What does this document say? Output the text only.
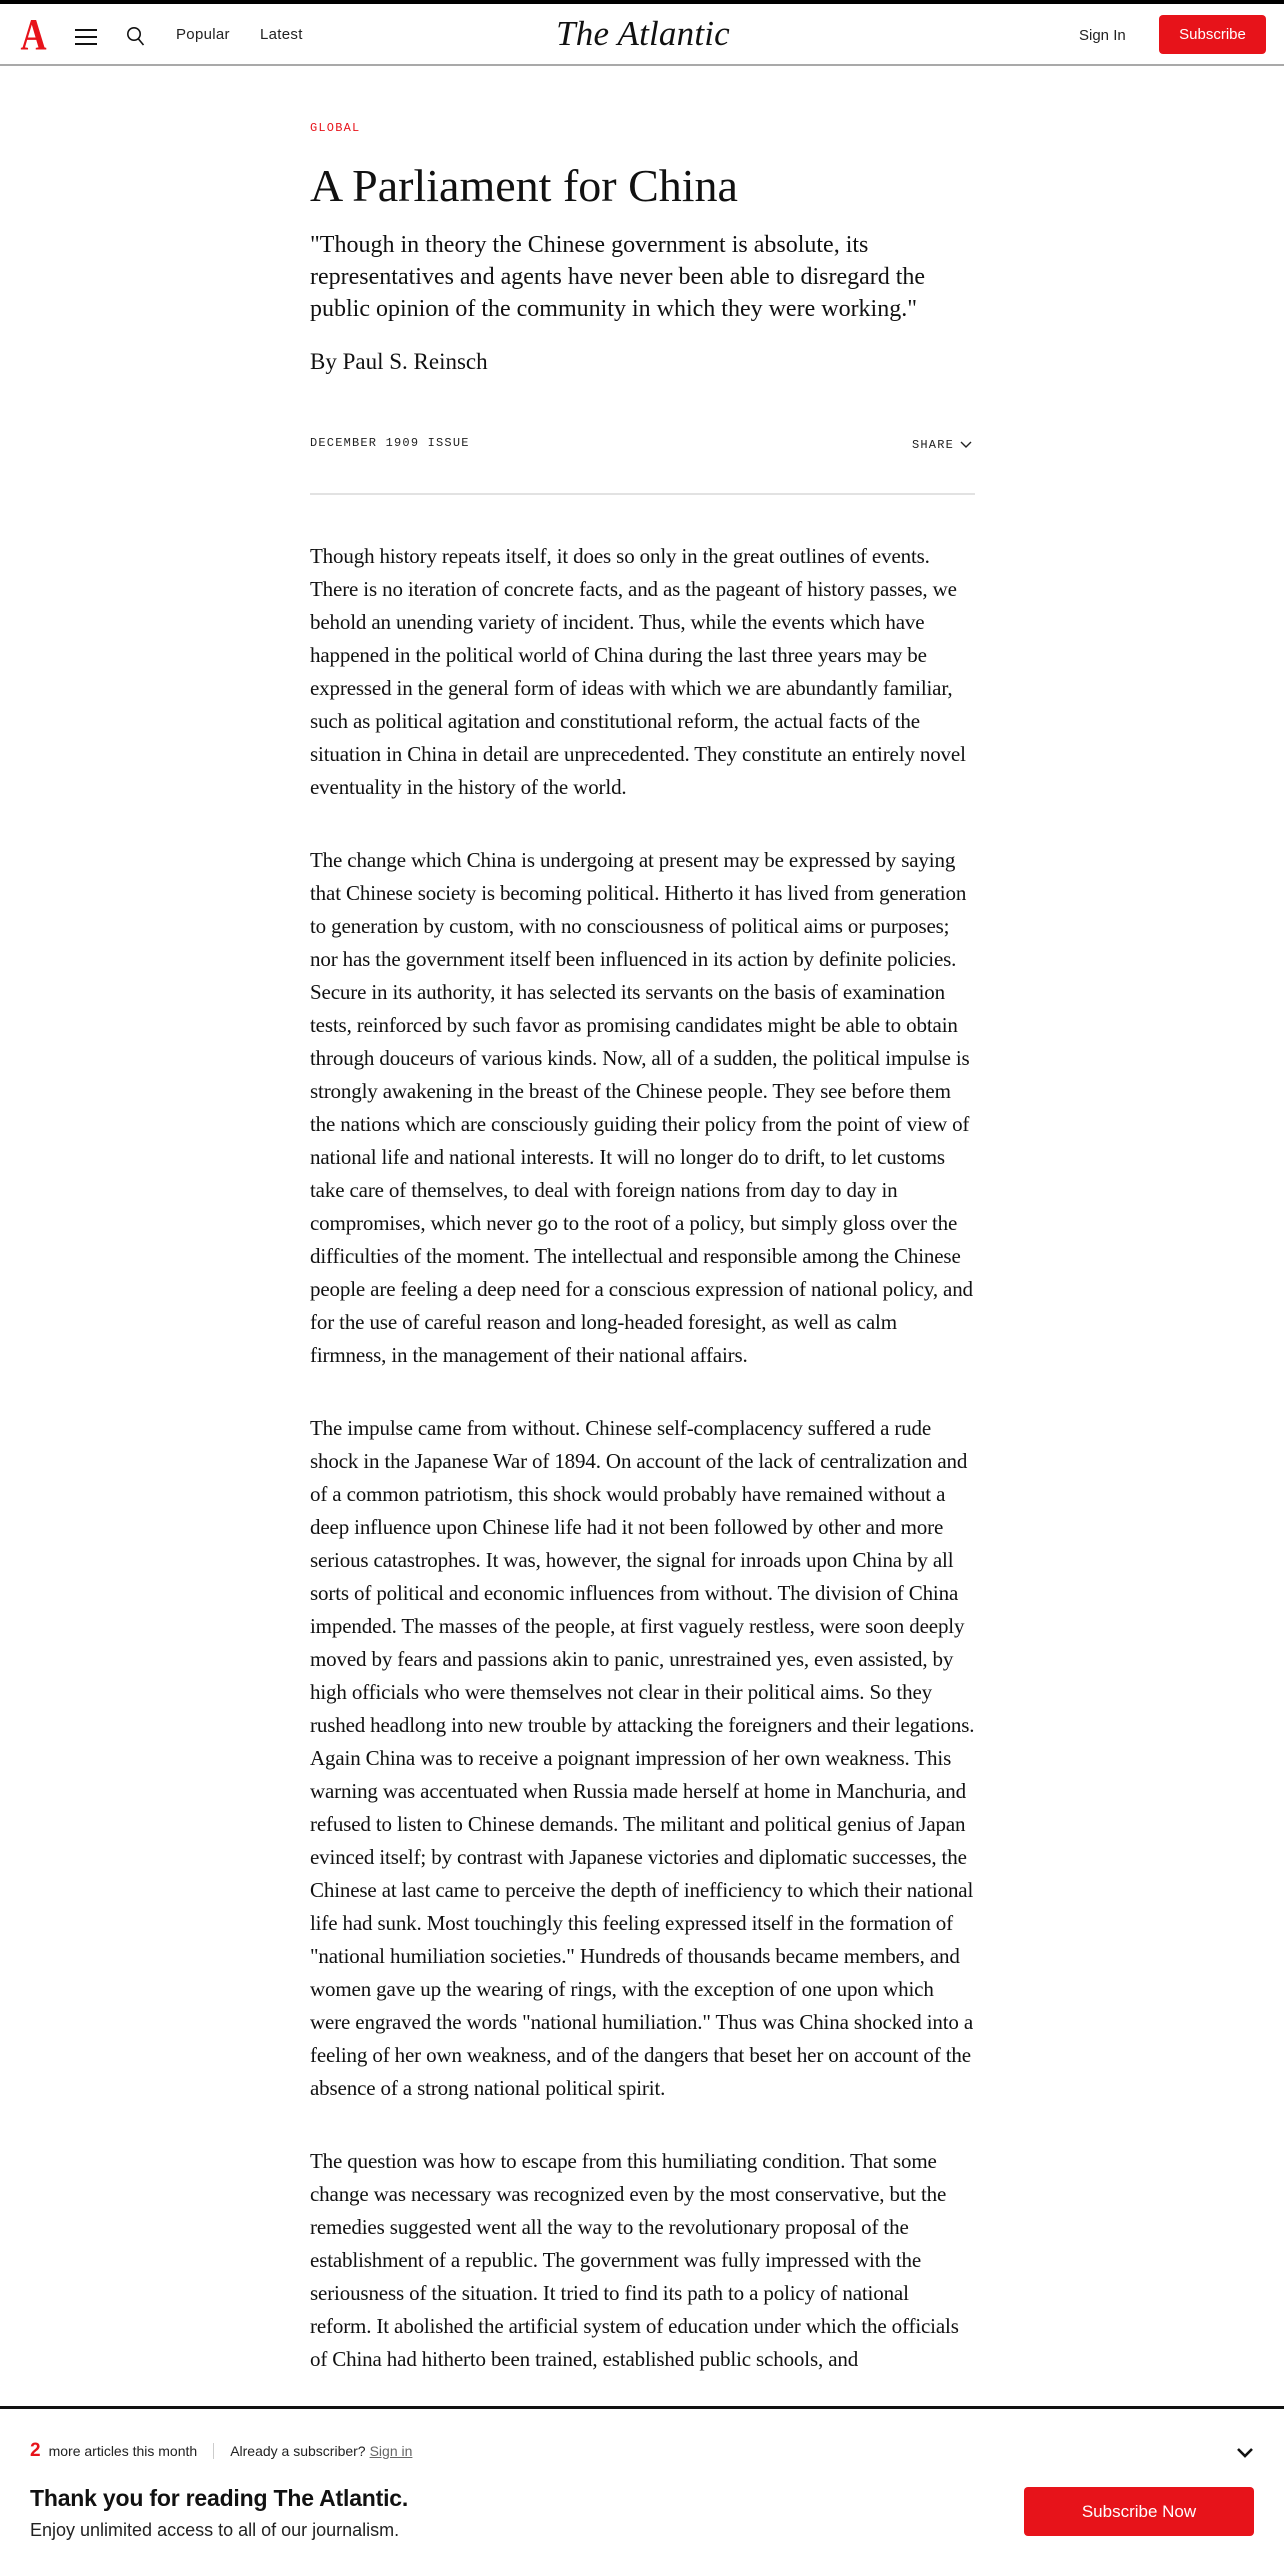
A	Popular Latest	The Atlantic	Sign In	Subscribe
GLOBAL
A Parliament for China

"Though in theory the Chinese government is absolute, its representatives and agents have never been able to disregard the public opinion of the community in which they were working."

By Paul S. Reinsch
DECEMBER 1909 ISSUE	SHARE

Though history repeats itself, it does so only in the great outlines of events. There is no iteration of concrete facts, and as the pageant of history passes, we behold an unending variety of incident. Thus, while the events which have happened in the political world of China during the last three years may be expressed in the general form of ideas with which we are abundantly familiar, such as political agitation and constitutional reform, the actual facts of the situation in China in detail are unprecedented. They constitute an entirely novel eventuality in the history of the world.

The change which China is undergoing at present may be expressed by saying that Chinese society is becoming political. Hitherto it has lived from generation to generation by custom, with no consciousness of political aims or purposes; nor has the government itself been influenced in its action by definite policies. Secure in its authority, it has selected its servants on the basis of examination tests, reinforced by such favor as promising candidates might be able to obtain through douceurs of various kinds. Now, all of a sudden, the political impulse is strongly awakening in the breast of the Chinese people. They see before them the nations which are consciously guiding their policy from the point of view of national life and national interests. It will no longer do to drift, to let customs take care of themselves, to deal with foreign nations from day to day in compromises, which never go to the root of a policy, but simply gloss over the difficulties of the moment. The intellectual and responsible among the Chinese people are feeling a deep need for a conscious expression of national policy, and for the use of careful reason and long-headed foresight, as well as calm firmness, in the management of their national affairs.

The impulse came from without. Chinese self-complacency suffered a rude shock in the Japanese War of 1894. On account of the lack of centralization and of a common patriotism, this shock would probably have remained without a deep influence upon Chinese life had it not been followed by other and more serious catastrophes. It was, however, the signal for inroads upon China by all sorts of political and economic influences from without. The division of China impended. The masses of the people, at first vaguely restless, were soon deeply moved by fears and passions akin to panic, unrestrained yes, even assisted, by high officials who were themselves not clear in their political aims. So they rushed headlong into new trouble by attacking the foreigners and their legations. Again China was to receive a poignant impression of her own weakness. This warning was accentuated when Russia made herself at home in Manchuria, and refused to listen to Chinese demands. The militant and political genius of Japan evinced itself; by contrast with Japanese victories and diplomatic successes, the Chinese at last came to perceive the depth of inefficiency to which their national life had sunk. Most touchingly this feeling expressed itself in the formation of "national humiliation societies." Hundreds of thousands became members, and women gave up the wearing of rings, with the exception of one upon which were engraved the words "national humiliation." Thus was China shocked into a feeling of her own weakness, and of the dangers that beset her on account of the absence of a strong national political spirit.

The question was how to escape from this humiliating condition. That some change was necessary was recognized even by the most conservative, but the remedies suggested went all the way to the revolutionary proposal of the establishment of a republic. The government was fully impressed with the seriousness of the situation. It tried to find its path to a policy of national reform. It abolished the artificial system of education under which the officials of China had hitherto been trained, established public schools, and

2 more articles this month Already a subscriber? Sign in
Thank you for reading The Atlantic.
Enjoy unlimited access to all of our journalism.
Subscribe Now
